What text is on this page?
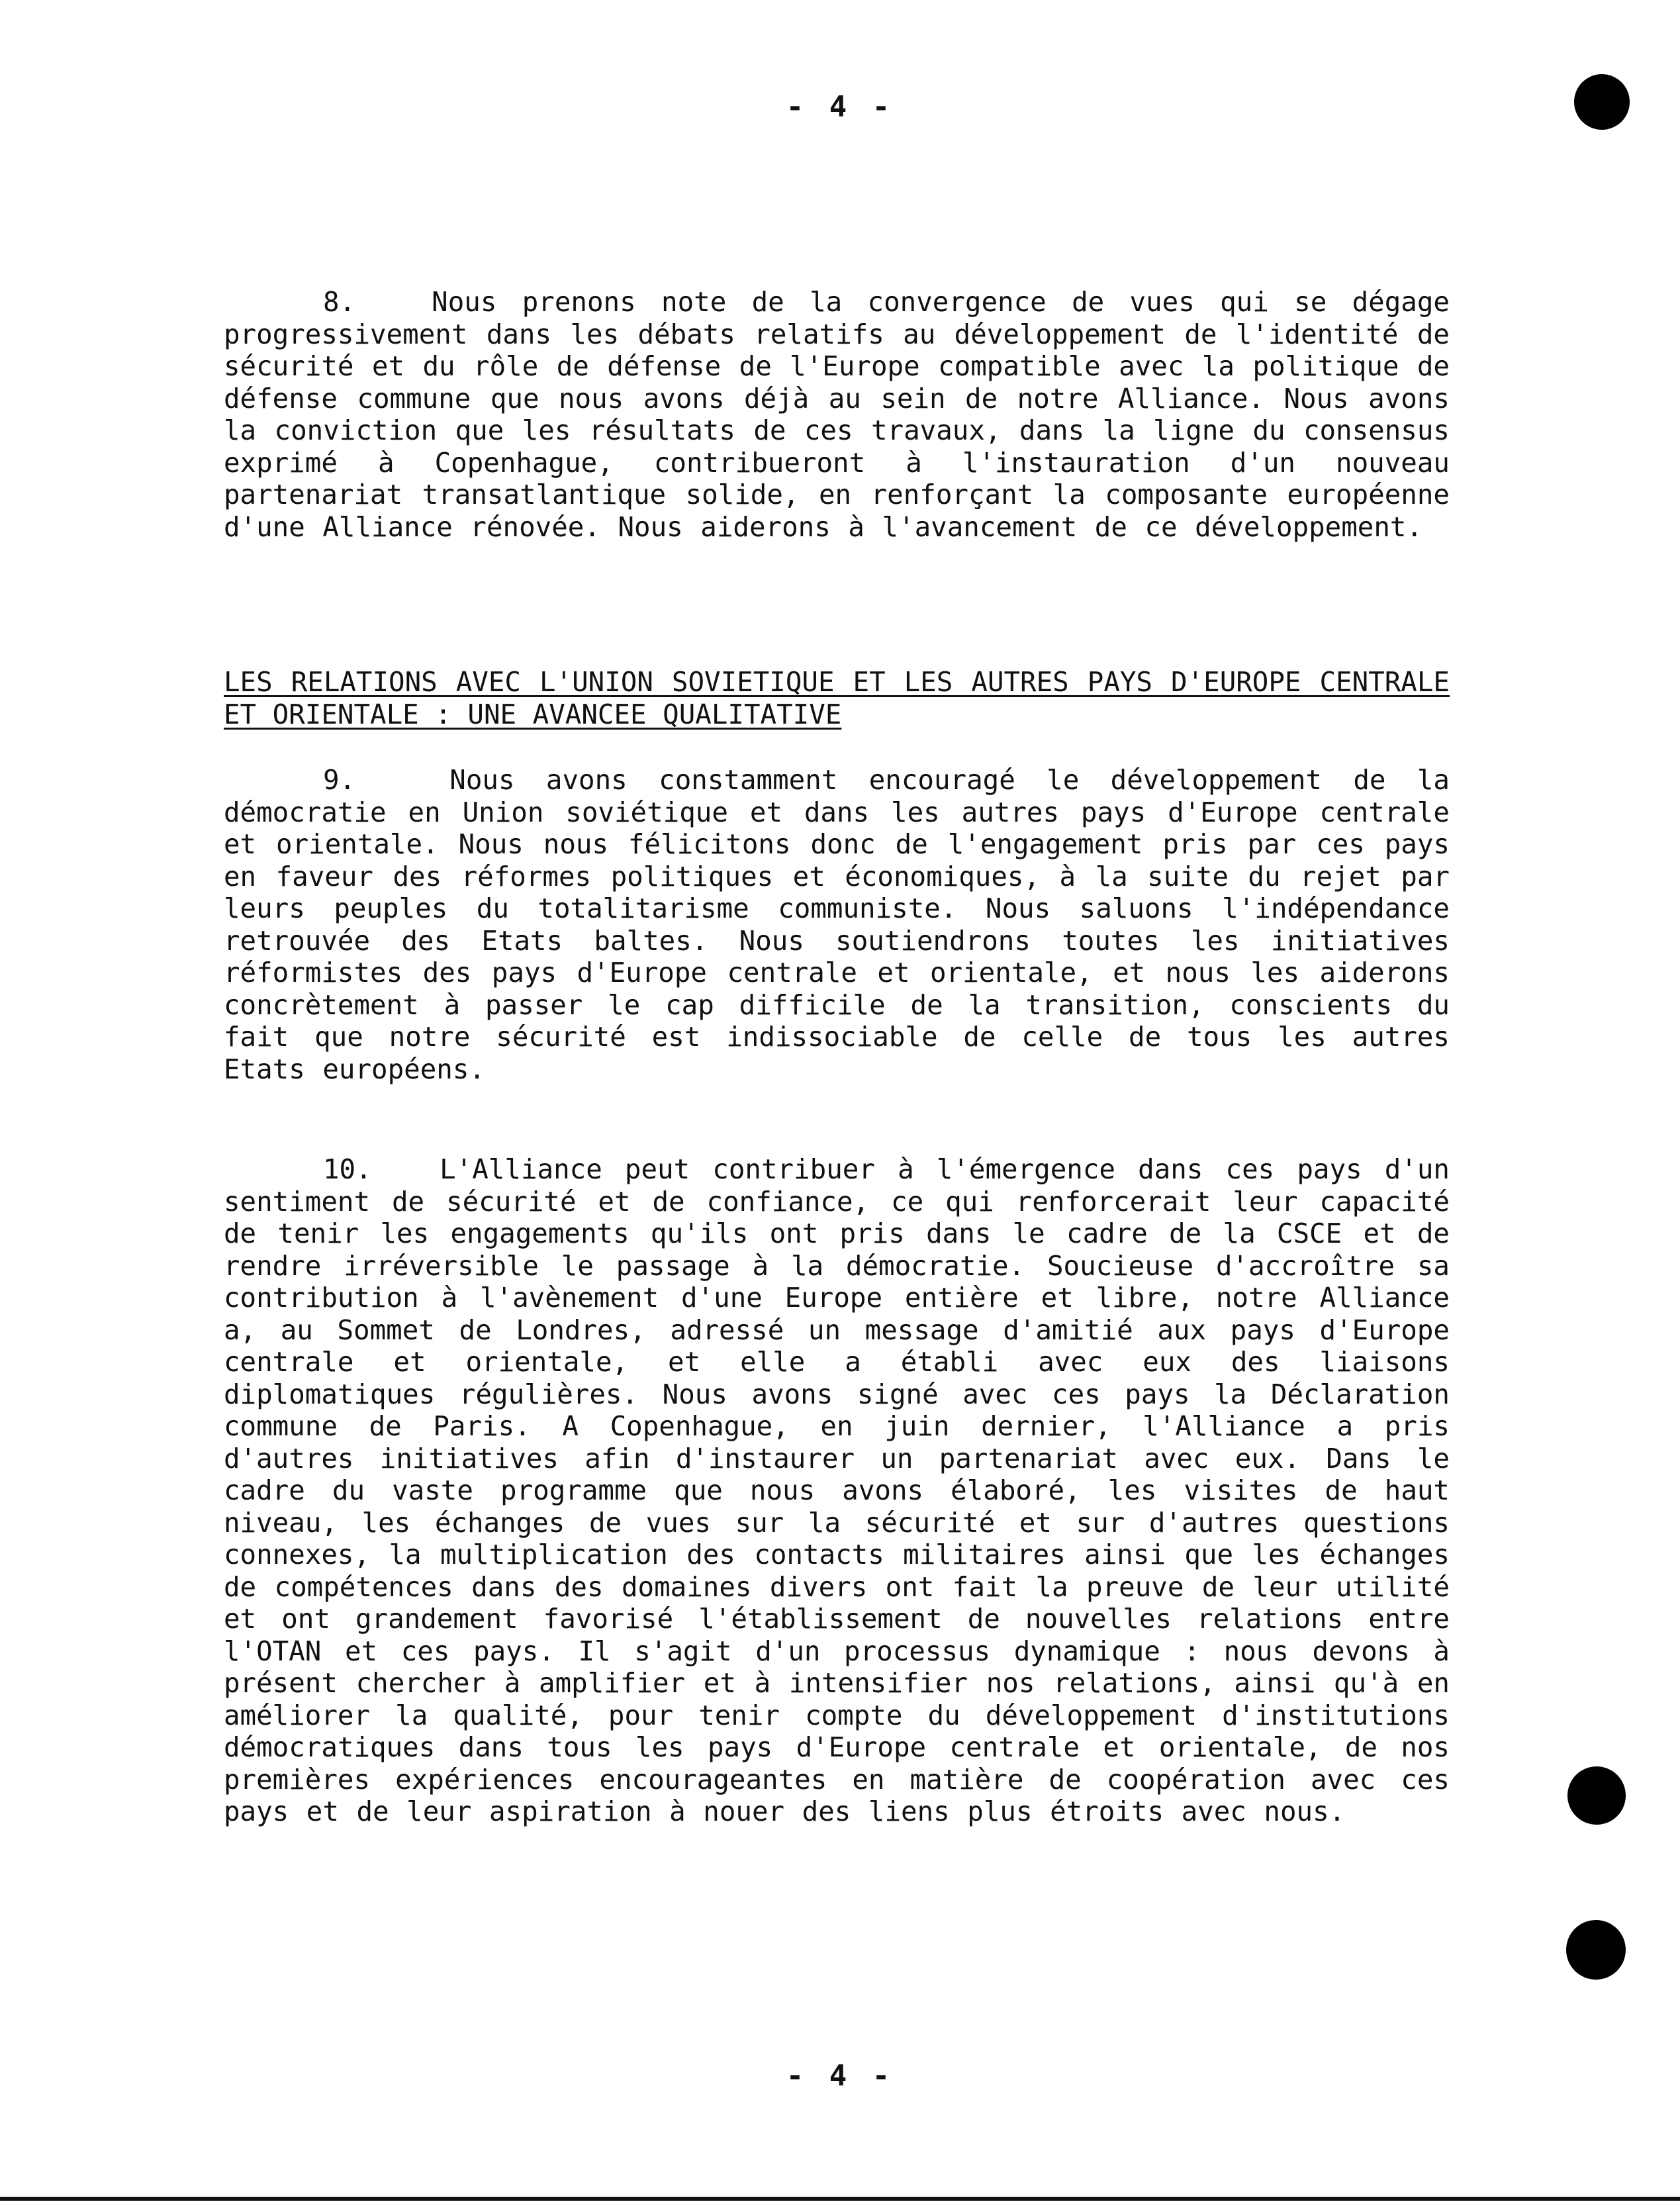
- 4 -
8.	Nous prenons note de la convergence de vues qui se dégage progressivement dans les débats relatifs au développement de l'identité de sécurité et du rôle de défense de l'Europe compatible avec la politique de défense commune que nous avons déjà au sein de notre Alliance. Nous avons la conviction que les résultats de ces travaux, dans la ligne du consensus exprimé à Copenhague, contribueront à l'instauration d'un nouveau partenariat transatlantique solide, en renforçant la composante européenne d'une Alliance rénovée. Nous aiderons à l'avancement de ce développement.
LES RELATIONS AVEC L'UNION SOVIETIQUE ET LES AUTRES PAYS D'EUROPE CENTRALE ET ORIENTALE : UNE AVANCEE QUALITATIVE
9.	Nous avons constamment encouragé le développement de la démocratie en Union soviétique et dans les autres pays d'Europe centrale et orientale. Nous nous félicitons donc de l'engagement pris par ces pays en faveur des réformes politiques et économiques, à la suite du rejet par leurs peuples du totalitarisme communiste. Nous saluons l'indépendance retrouvée des Etats baltes. Nous soutiendrons toutes les initiatives réformistes des pays d'Europe centrale et orientale, et nous les aiderons concrètement à passer le cap difficile de la transition, conscients du fait que notre sécurité est indissociable de celle de tous les autres Etats européens.
10.	L'Alliance peut contribuer à l'émergence dans ces pays d'un sentiment de sécurité et de confiance, ce qui renforcerait leur capacité de tenir les engagements qu'ils ont pris dans le cadre de la CSCE et de rendre irréversible le passage à la démocratie. Soucieuse d'accroître sa contribution à l'avènement d'une Europe entière et libre, notre Alliance a, au Sommet de Londres, adressé un message d'amitié aux pays d'Europe centrale et orientale, et elle a établi avec eux des liaisons diplomatiques régulières. Nous avons signé avec ces pays la Déclaration commune de Paris. A Copenhague, en juin dernier, l'Alliance a pris d'autres initiatives afin d'instaurer un partenariat avec eux. Dans le cadre du vaste programme que nous avons élaboré, les visites de haut niveau, les échanges de vues sur la sécurité et sur d'autres questions connexes, la multiplication des contacts militaires ainsi que les échanges de compétences dans des domaines divers ont fait la preuve de leur utilité et ont grandement favorisé l'établissement de nouvelles relations entre l'OTAN et ces pays. Il s'agit d'un processus dynamique : nous devons à présent chercher à amplifier et à intensifier nos relations, ainsi qu'à en améliorer la qualité, pour tenir compte du développement d'institutions démocratiques dans tous les pays d'Europe centrale et orientale, de nos premières expériences encourageantes en matière de coopération avec ces pays et de leur aspiration à nouer des liens plus étroits avec nous.
- 4 -
